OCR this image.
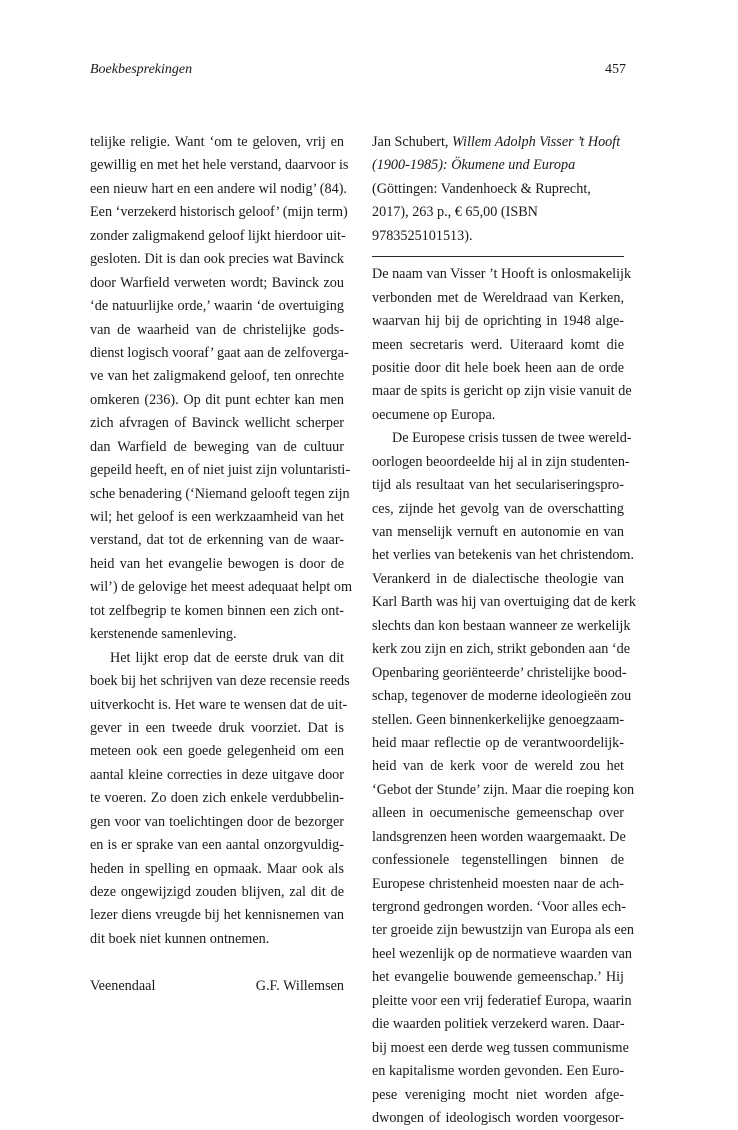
Boekbesprekingen	457
telijke religie. Want ‘om te geloven, vrij en
gewillig en met het hele verstand, daarvoor is
een nieuw hart en een andere wil nodig’ (84).
Een ‘verzekerd historisch geloof’ (mijn term)
zonder zaligmakend geloof lijkt hierdoor uit-
gesloten. Dit is dan ook precies wat Bavinck
door Warfield verweten wordt; Bavinck zou
‘de natuurlijke orde,’ waarin ‘de overtuiging
van de waarheid van de christelijke gods-
dienst logisch vooraf’ gaat aan de zelfoverga-
ve van het zaligmakend geloof, ten onrechte
omkeren (236). Op dit punt echter kan men
zich afvragen of Bavinck wellicht scherper
dan Warfield de beweging van de cultuur
gepeild heeft, en of niet juist zijn voluntaristi-
sche benadering (‘Niemand gelooft tegen zijn
wil; het geloof is een werkzaamheid van het
verstand, dat tot de erkenning van de waar-
heid van het evangelie bewogen is door de
wil’) de gelovige het meest adequaat helpt om
tot zelfbegrip te komen binnen een zich ont-
kerstenende samenleving.
Het lijkt erop dat de eerste druk van dit
boek bij het schrijven van deze recensie reeds
uitverkocht is. Het ware te wensen dat de uit-
gever in een tweede druk voorziet. Dat is
meteen ook een goede gelegenheid om een
aantal kleine correcties in deze uitgave door
te voeren. Zo doen zich enkele verdubbelin-
gen voor van toelichtingen door de bezorger
en is er sprake van een aantal onzorgvuldig-
heden in spelling en opmaak. Maar ook als
deze ongewijzigd zouden blijven, zal dit de
lezer diens vreugde bij het kennisnemen van
dit boek niet kunnen ontnemen.
Veenendaal	G.F. Willemsen
Jan Schubert, Willem Adolph Visser ’t Hooft
(1900-1985): Ökumene und Europa
(Göttingen: Vandenhoeck & Ruprecht,
2017), 263 p., € 65,00 (ISBN
9783525101513).
De naam van Visser ’t Hooft is onlosmakelijk
verbonden met de Wereldraad van Kerken,
waarvan hij bij de oprichting in 1948 alge-
meen secretaris werd. Uiteraard komt die
positie door dit hele boek heen aan de orde
maar de spits is gericht op zijn visie vanuit de
oecumene op Europa.
De Europese crisis tussen de twee wereld-
oorlogen beoordeelde hij al in zijn studenten-
tijd als resultaat van het seculariseringspro-
ces, zijnde het gevolg van de overschatting
van menselijk vernuft en autonomie en van
het verlies van betekenis van het christendom.
Verankerd in de dialectische theologie van
Karl Barth was hij van overtuiging dat de kerk
slechts dan kon bestaan wanneer ze werkelijk
kerk zou zijn en zich, strikt gebonden aan ‘de
Openbaring georiënteerde’ christelijke bood-
schap, tegenover de moderne ideologieën zou
stellen. Geen binnenkerkelijke genoegzaam-
heid maar reflectie op de verantwoordelijk-
heid van de kerk voor de wereld zou het
‘Gebot der Stunde’ zijn. Maar die roeping kon
alleen in oecumenische gemeenschap over
landsgrenzen heen worden waargemaakt. De
confessionele tegenstellingen binnen de
Europese christenheid moesten naar de ach-
tergrond gedrongen worden. ‘Voor alles ech-
ter groeide zijn bewustzijn van Europa als een
heel wezenlijk op de normatieve waarden van
het evangelie bouwende gemeenschap.’ Hij
pleitte voor een vrij federatief Europa, waarin
die waarden politiek verzekerd waren. Daar-
bij moest een derde weg tussen communisme
en kapitalisme worden gevonden. Een Euro-
pese vereniging mocht niet worden afge-
dwongen of ideologisch worden voorgesor-
